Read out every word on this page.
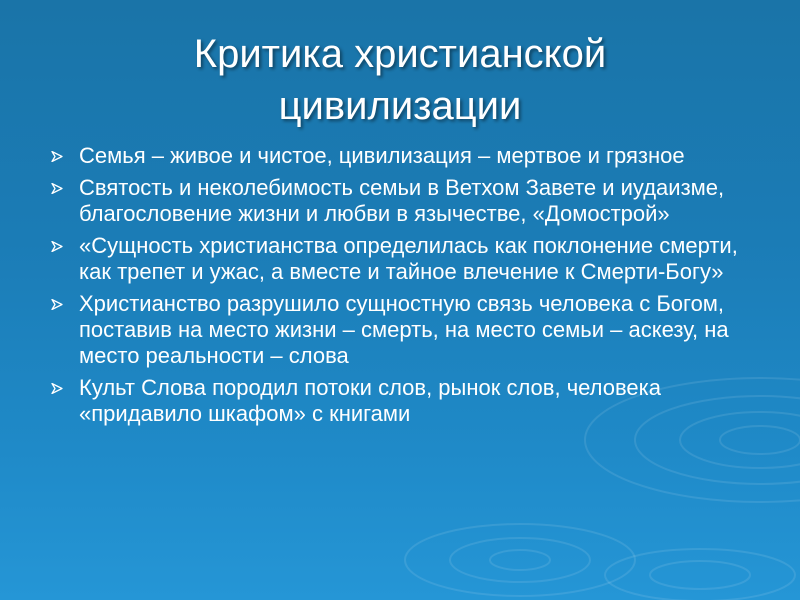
Критика христианской
цивилизации
Семья – живое и чистое, цивилизация – мертвое и грязное
Святость и неколебимость семьи в Ветхом Завете и иудаизме, благословение жизни и любви в язычестве, «Домострой»
«Сущность христианства определилась как поклонение смерти, как трепет и ужас, а вместе и тайное влечение к Смерти-Богу»
Христианство разрушило сущностную связь человека с Богом, поставив на место жизни – смерть, на место семьи – аскезу, на место реальности – слова
Культ Слова породил потоки слов, рынок слов, человека «придавило шкафом» с книгами
